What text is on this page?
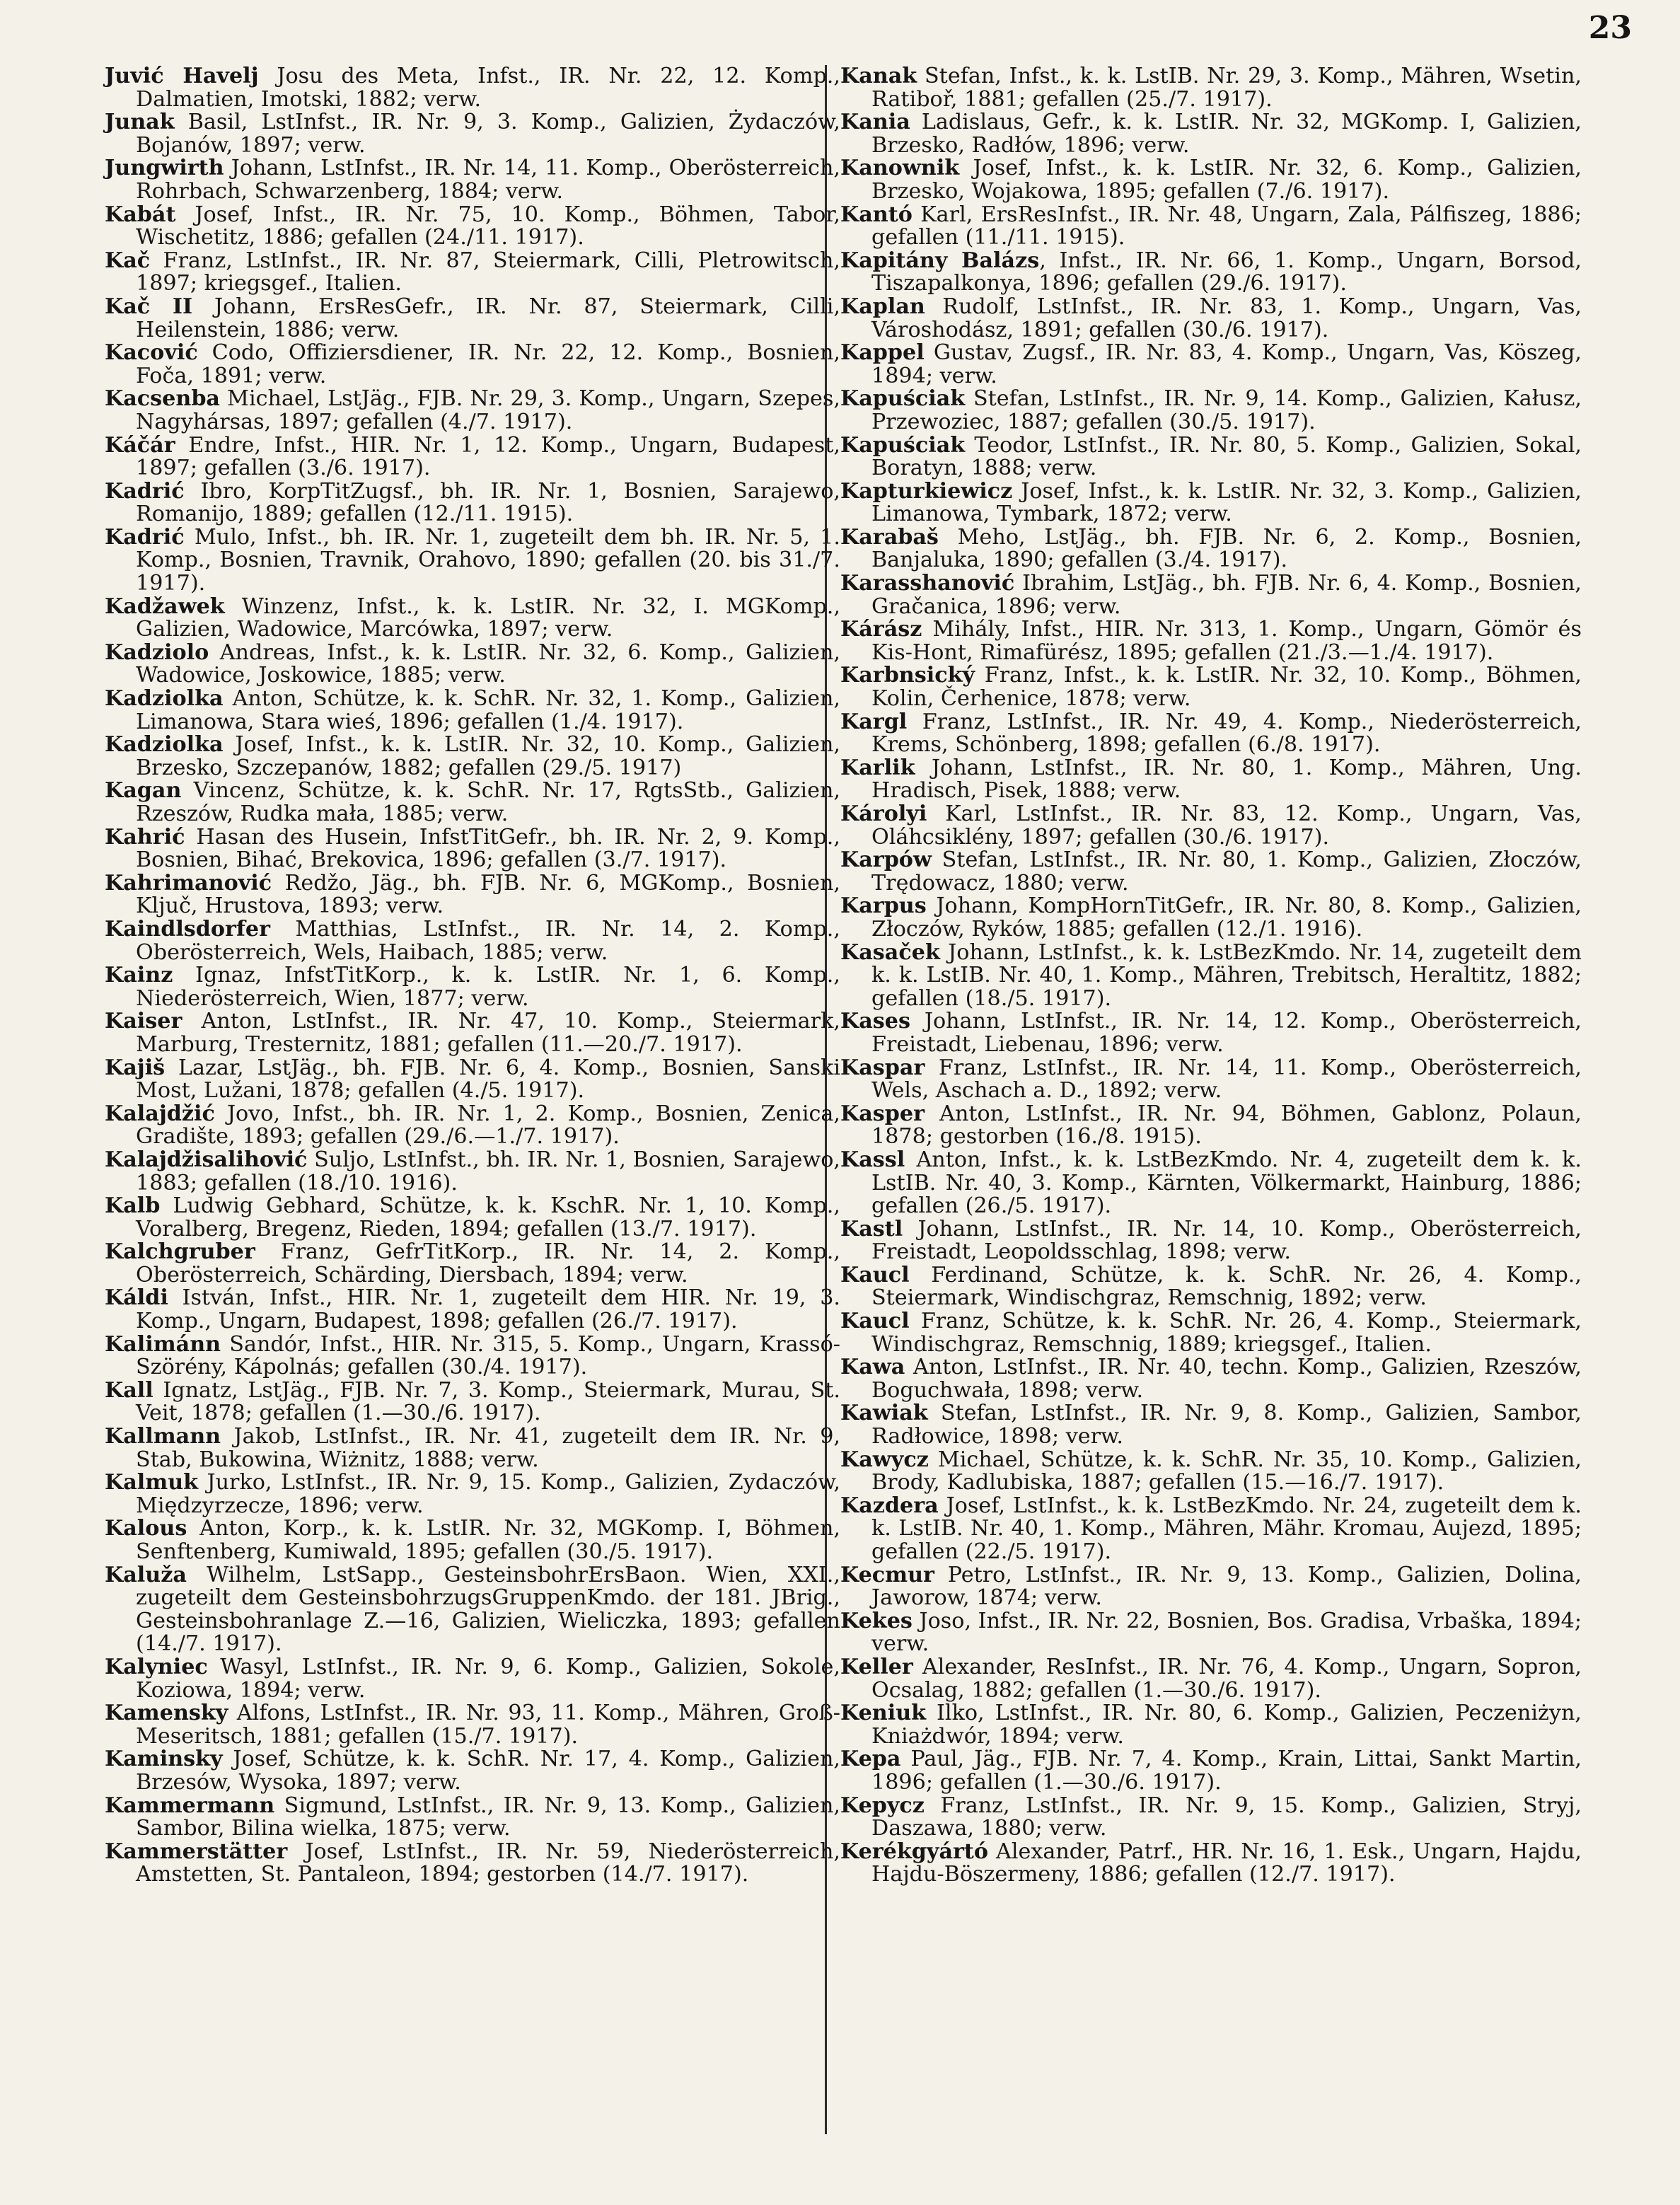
23

Juvić Havelj Josu des Meta, Infst., IR. Nr. 22, 12. Komp., Dalmatien, Imotski, 1882; verw.

Junak Basil, LstInfst., IR. Nr. 9, 3. Komp., Galizien, Żydaczów, Bojanów, 1897; verw.

Jungwirth Johann, LstInfst., IR. Nr. 14, 11. Komp., Oberösterreich, Rohrbach, Schwarzenberg, 1884; verw.

Kabát Josef, Infst., IR. Nr. 75, 10. Komp., Böhmen, Tabor, Wischetitz, 1886; gefallen (24./11. 1917).

Kač Franz, LstInfst., IR. Nr. 87, Steiermark, Cilli, Pletrowitsch, 1897; kriegsgef., Italien.

Kač II Johann, ErsResGefr., IR. Nr. 87, Steiermark, Cilli, Heilenstein, 1886; verw.

Kacović Codo, Offiziersdiener, IR. Nr. 22, 12. Komp., Bosnien, Foča, 1891; verw.

Kacsenba Michael, LstJäg., FJB. Nr. 29, 3. Komp., Ungarn, Szepes, Nagyhársas, 1897; gefallen (4./7. 1917).

Káčár Endre, Infst., HIR. Nr. 1, 12. Komp., Ungarn, Budapest, 1897; gefallen (3./6. 1917).

Kadrić Ibro, KorpTitZugsf., bh. IR. Nr. 1, Bosnien, Sarajewo, Romanijo, 1889; gefallen (12./11. 1915).

Kadrić Mulo, Infst., bh. IR. Nr. 1, zugeteilt dem bh. IR. Nr. 5, 1. Komp., Bosnien, Travnik, Orahovo, 1890; gefallen (20. bis 31./7. 1917).

Kadžawek Winzenz, Infst., k. k. LstIR. Nr. 32, I. MGKomp., Galizien, Wadowice, Marcówka, 1897; verw.

Kadziolo Andreas, Infst., k. k. LstIR. Nr. 32, 6. Komp., Galizien, Wadowice, Joskowice, 1885; verw.

Kadziolka Anton, Schütze, k. k. SchR. Nr. 32, 1. Komp., Galizien, Limanowa, Stara wieś, 1896; gefallen (1./4. 1917).

Kadziolka Josef, Infst., k. k. LstIR. Nr. 32, 10. Komp., Galizien, Brzesko, Szczepanów, 1882; gefallen (29./5. 1917)

Kagan Vincenz, Schütze, k. k. SchR. Nr. 17, RgtsStb., Galizien, Rzeszów, Rudka mała, 1885; verw.

Kahrić Hasan des Husein, InfstTitGefr., bh. IR. Nr. 2, 9. Komp., Bosnien, Bihać, Brekovica, 1896; gefallen (3./7. 1917).

Kahrimanović Redžo, Jäg., bh. FJB. Nr. 6, MGKomp., Bosnien, Ključ, Hrustova, 1893; verw.

Kaindlsdorfer Matthias, LstInfst., IR. Nr. 14, 2. Komp., Oberösterreich, Wels, Haibach, 1885; verw.

Kainz Ignaz, InfstTitKorp., k. k. LstIR. Nr. 1, 6. Komp., Niederösterreich, Wien, 1877; verw.

Kaiser Anton, LstInfst., IR. Nr. 47, 10. Komp., Steiermark, Marburg, Tresternitz, 1881; gefallen (11.—20./7. 1917).

Kajiš Lazar, LstJäg., bh. FJB. Nr. 6, 4. Komp., Bosnien, Sanski Most, Lužani, 1878; gefallen (4./5. 1917).

Kalajdžić Jovo, Infst., bh. IR. Nr. 1, 2. Komp., Bosnien, Zenica, Gradište, 1893; gefallen (29./6.—1./7. 1917).

Kalajdžisalihović Suljo, LstInfst., bh. IR. Nr. 1, Bosnien, Sarajewo, 1883; gefallen (18./10. 1916).

Kalb Ludwig Gebhard, Schütze, k. k. KschR. Nr. 1, 10. Komp., Voralberg, Bregenz, Rieden, 1894; gefallen (13./7. 1917).

Kalchgruber Franz, GefrTitKorp., IR. Nr. 14, 2. Komp., Oberösterreich, Schärding, Diersbach, 1894; verw.

Káldi István, Infst., HIR. Nr. 1, zugeteilt dem HIR. Nr. 19, 3. Komp., Ungarn, Budapest, 1898; gefallen (26./7. 1917).

Kalimánn Sandór, Infst., HIR. Nr. 315, 5. Komp., Ungarn, Krassó-Szörény, Kápolnás; gefallen (30./4. 1917).

Kall Ignatz, LstJäg., FJB. Nr. 7, 3. Komp., Steiermark, Murau, St. Veit, 1878; gefallen (1.—30./6. 1917).

Kallmann Jakob, LstInfst., IR. Nr. 41, zugeteilt dem IR. Nr. 9, Stab, Bukowina, Wiżnitz, 1888; verw.

Kalmuk Jurko, LstInfst., IR. Nr. 9, 15. Komp., Galizien, Zydaczów, Międzyrzecze, 1896; verw.

Kalous Anton, Korp., k. k. LstIR. Nr. 32, MGKomp. I, Böhmen, Senftenberg, Kumiwald, 1895; gefallen (30./5. 1917).

Kaluža Wilhelm, LstSapp., GesteinsbohrErsBaon. Wien, XXI., zugeteilt dem GesteinsbohrzugsGruppenKmdo. der 181. JBrig., Gesteinsbohranlage Z.—16, Galizien, Wieliczka, 1893; gefallen (14./7. 1917).

Kalyniec Wasyl, LstInfst., IR. Nr. 9, 6. Komp., Galizien, Sokole, Koziowa, 1894; verw.

Kamensky Alfons, LstInfst., IR. Nr. 93, 11. Komp., Mähren, Groß-Meseritsch, 1881; gefallen (15./7. 1917).

Kaminsky Josef, Schütze, k. k. SchR. Nr. 17, 4. Komp., Galizien, Brzesów, Wysoka, 1897; verw.

Kammermann Sigmund, LstInfst., IR. Nr. 9, 13. Komp., Galizien, Sambor, Bilina wielka, 1875; verw.

Kammerstätter Josef, LstInfst., IR. Nr. 59, Niederösterreich, Amstetten, St. Pantaleon, 1894; gestorben (14./7. 1917).

Kanak Stefan, Infst., k. k. LstIB. Nr. 29, 3. Komp., Mähren, Wsetin, Ratiboř, 1881; gefallen (25./7. 1917).

Kania Ladislaus, Gefr., k. k. LstIR. Nr. 32, MGKomp. I, Galizien, Brzesko, Radłów, 1896; verw.

Kanownik Josef, Infst., k. k. LstIR. Nr. 32, 6. Komp., Galizien, Brzesko, Wojakowa, 1895; gefallen (7./6. 1917).

Kantó Karl, ErsResInfst., IR. Nr. 48, Ungarn, Zala, Pálfiszeg, 1886; gefallen (11./11. 1915).

Kapitány Balázs, Infst., IR. Nr. 66, 1. Komp., Ungarn, Borsod, Tiszapalkonya, 1896; gefallen (29./6. 1917).

Kaplan Rudolf, LstInfst., IR. Nr. 83, 1. Komp., Ungarn, Vas, Városhodász, 1891; gefallen (30./6. 1917).

Kappel Gustav, Zugsf., IR. Nr. 83, 4. Komp., Ungarn, Vas, Köszeg, 1894; verw.

Kapuściak Stefan, LstInfst., IR. Nr. 9, 14. Komp., Galizien, Kałusz, Przewoziec, 1887; gefallen (30./5. 1917).

Kapuściak Teodor, LstInfst., IR. Nr. 80, 5. Komp., Galizien, Sokal, Boratyn, 1888; verw.

Kapturkiewicz Josef, Infst., k. k. LstIR. Nr. 32, 3. Komp., Galizien, Limanowa, Tymbark, 1872; verw.

Karabaš Meho, LstJäg., bh. FJB. Nr. 6, 2. Komp., Bosnien, Banjaluka, 1890; gefallen (3./4. 1917).

Karasshanović Ibrahim, LstJäg., bh. FJB. Nr. 6, 4. Komp., Bosnien, Gračanica, 1896; verw.

Kárász Mihály, Infst., HIR. Nr. 313, 1. Komp., Ungarn, Gömör és Kis-Hont, Rimafürész, 1895; gefallen (21./3.—1./4. 1917).

Karbnsický Franz, Infst., k. k. LstIR. Nr. 32, 10. Komp., Böhmen, Kolin, Čerhenice, 1878; verw.

Kargl Franz, LstInfst., IR. Nr. 49, 4. Komp., Niederösterreich, Krems, Schönberg, 1898; gefallen (6./8. 1917).

Karlik Johann, LstInfst., IR. Nr. 80, 1. Komp., Mähren, Ung. Hradisch, Pisek, 1888; verw.

Károlyi Karl, LstInfst., IR. Nr. 83, 12. Komp., Ungarn, Vas, Oláhcsiklény, 1897; gefallen (30./6. 1917).

Karpów Stefan, LstInfst., IR. Nr. 80, 1. Komp., Galizien, Złoczów, Trędowacz, 1880; verw.

Karpus Johann, KompHornTitGefr., IR. Nr. 80, 8. Komp., Galizien, Złoczów, Ryków, 1885; gefallen (12./1. 1916).

Kasaček Johann, LstInfst., k. k. LstBezKmdo. Nr. 14, zugeteilt dem k. k. LstIB. Nr. 40, 1. Komp., Mähren, Trebitsch, Heraltitz, 1882; gefallen (18./5. 1917).

Kases Johann, LstInfst., IR. Nr. 14, 12. Komp., Oberösterreich, Freistadt, Liebenau, 1896; verw.

Kaspar Franz, LstInfst., IR. Nr. 14, 11. Komp., Oberösterreich, Wels, Aschach a. D., 1892; verw.

Kasper Anton, LstInfst., IR. Nr. 94, Böhmen, Gablonz, Polaun, 1878; gestorben (16./8. 1915).

Kassl Anton, Infst., k. k. LstBezKmdo. Nr. 4, zugeteilt dem k. k. LstIB. Nr. 40, 3. Komp., Kärnten, Völkermarkt, Hainburg, 1886; gefallen (26./5. 1917).

Kastl Johann, LstInfst., IR. Nr. 14, 10. Komp., Oberösterreich, Freistadt, Leopoldsschlag, 1898; verw.

Kaucl Ferdinand, Schütze, k. k. SchR. Nr. 26, 4. Komp., Steiermark, Windischgraz, Remschnig, 1892; verw.

Kaucl Franz, Schütze, k. k. SchR. Nr. 26, 4. Komp., Steiermark, Windischgraz, Remschnig, 1889; kriegsgef., Italien.

Kawa Anton, LstInfst., IR. Nr. 40, techn. Komp., Galizien, Rzeszów, Boguchwała, 1898; verw.

Kawiak Stefan, LstInfst., IR. Nr. 9, 8. Komp., Galizien, Sambor, Radłowice, 1898; verw.

Kawycz Michael, Schütze, k. k. SchR. Nr. 35, 10. Komp., Galizien, Brody, Kadlubiska, 1887; gefallen (15.—16./7. 1917).

Kazdera Josef, LstInfst., k. k. LstBezKmdo. Nr. 24, zugeteilt dem k. k. LstIB. Nr. 40, 1. Komp., Mähren, Mähr. Kromau, Aujezd, 1895; gefallen (22./5. 1917).

Kecmur Petro, LstInfst., IR. Nr. 9, 13. Komp., Galizien, Dolina, Jaworow, 1874; verw.

Kekes Joso, Infst., IR. Nr. 22, Bosnien, Bos. Gradisa, Vrbaška, 1894; verw.

Keller Alexander, ResInfst., IR. Nr. 76, 4. Komp., Ungarn, Sopron, Ocsalag, 1882; gefallen (1.—30./6. 1917).

Keniuk Ilko, LstInfst., IR. Nr. 80, 6. Komp., Galizien, Peczeniżyn, Kniażdwór, 1894; verw.

Kepa Paul, Jäg., FJB. Nr. 7, 4. Komp., Krain, Littai, Sankt Martin, 1896; gefallen (1.—30./6. 1917).

Kepycz Franz, LstInfst., IR. Nr. 9, 15. Komp., Galizien, Stryj, Daszawa, 1880; verw.

Kerékgyártó Alexander, Patrf., HR. Nr. 16, 1. Esk., Ungarn, Hajdu, Hajdu-Böszermeny, 1886; gefallen (12./7. 1917).
